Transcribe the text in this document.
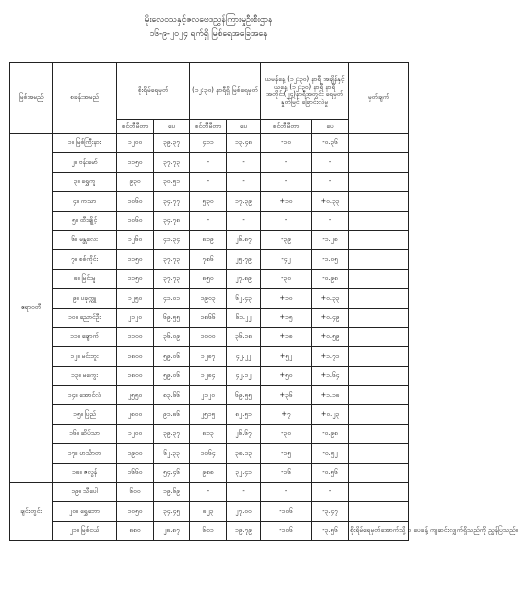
မိုးလေဝသနှင့်ဇလဗေဒညွှန်ကြားမှုဦးစီးဌာန
၁၆-၉-၂၀၂၄ ရက်ရှိ မြစ်ရေအခြေအနေ
မြစ်အမည်	စခန်းအမည်	စိုးရိမ်ရေမှတ်		(၁၂:၃၀) နာရီရှိ မြစ်ရေမှတ်		ယမန်နေ့ (၁၂:၃၀) နာရီ အချိန်နှင့် ယနေ့ (၁၂:၃၀) နာရီ နာရီအတိုင်း(၂၄)နာရီအတွင်း ရေမှတ်နှုတ်မြင် ခြောင်းလဲမှု		မှတ်ချက်
		စင်တီမီတာ	ပေ	စင်တီမီတာ	ပေ	စင်တီမီတာ	ပေ	
ဧရာဝတီ	၁။ မြစ်ကြီးနား	၁၂၀၀	၃၉.၃၇	၄၁၁	၁၃.၄၈	-၁၀	-၀.၃၆	
	၂။ ဗန်းမော်	၁၁၅၀	၃၇.၇၃	-	-	-	-	
	၃။ ရွှေကူ	၉၃၀	၃၀.၅၁	-	-	-	-	
	၄။ ကသာ	၁၀၆၀	၃၄.၇၇	၅၃၀	၁၇.၃၉	+၁၀	+၀.၃၃	
	၅။ ထီးချိုင့်	၁၀၆၀	၃၄.၇၈	-	-	-	-	
	၆။ မန္တလေး	၁၂၆၀	၄၁.၃၄	၈၁၉	၂၆.၈၇	-၃၉	-၁.၂၈	
	၇။ စစ်ကိုင်း	၁၁၅၀	၃၇.၇၃	၇၈၆	၂၅.၇၉	-၄၂	-၁.၀၅	
	၈။ မြင်းမူ	၁၁၅၀	၃၇.၇၃	၈၅၀	၂၇.၈၉	-၃၀	-၀.၉၈	
	၉။ ပခုက္ကူ	၁၂၅၀	၄၁.၀၁	၁၉၀၃	၆၂.၄၃	+၁၀	+၀.၃၃	
	၁၀။ ညောင်ဦး	၂၁၂၀	၆၉.၅၅	၁၈၆၆	၆၁.၂၂	+၁၅	+၀.၄၉	
	၁၁။ ချောက်	၁၁၀၀	၃၆.၀၉	၁၀၀၀	၃၆.၁၈	+၁၈	+၀.၅၉	
	၁၂။ မင်းဘူး	၁၈၀၀	၅၉.၀၆	၁၂၈၇	၄၂.၂၂	+၅၂	+၁.၇၁	
	၁၃။ မကွေး	၁၈၀၀	၅၉.၀၆	၁၂၈၄	၄၂.၁၂	+၅၀	+၁.၆၄	
	၁၄။ အောင်လံ	၂၅၅၀	၈၃.၆၆	၂၁၂၀	၆၉.၅၅	+၃၆	+၁.၁၈	
	၁၅။ ပြည်	၂၈၀၀	၉၁.၈၆	၂၅၁၅	၈၂.၅၁	+၇	+၀.၂၃	
	၁၆။ ဆိပ်သာ	၁၂၀၀	၃၉.၃၇	၈၁၃	၂၆.၆၇	-၃၀	-၀.၉၈	
	၁၇။ ဟင်္သာတ	၁၉၀၀	၆၂.၃၃	၁၀၆၄	၃၈.၁၃	-၁၅	-၀.၅၂	
	၁၈။ ဇလွန်	၁၆၆၀	၅၄.၄၆	၉၈၈	၃၂.၄၁	-၁၆	-၀.၅၆	
ချင်းတွင်း	၁၉။ သီပေါ	၆၀၀	၁၉.၆၉	-	-	-	-	
	၂၀။ ရွှေဘော	၁၀၅၀	၃၄.၄၅	၈၂၃	၂၇.၀၀	-၁၀၆	-၃.၄၇	
	၂၁။ မြစ်ငယ်	၈၈၀	၂၈.၈၇	၆၀၁	၁၉.၇၉	-၁၀၆	-၃.၅၆	စိုးရိမ်ရေမှတ်အောက်သို့ ၁ ပေခန့် ကျဆင်းလျှက်ရှိသည်ကို ညွှန်ပြသည်။
